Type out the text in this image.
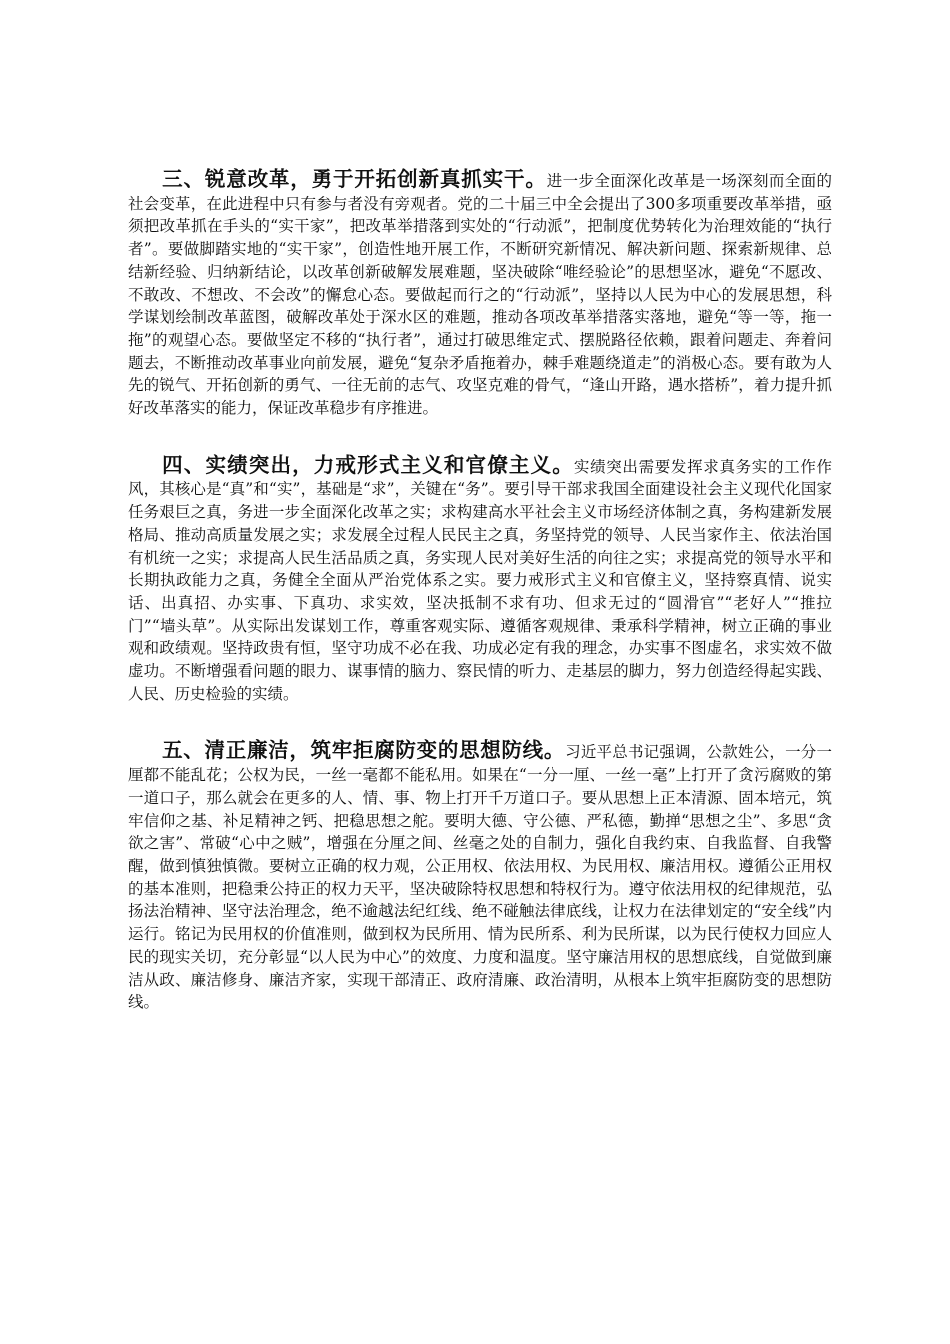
三、锐意改革，勇于开拓创新真抓实干。进一步全面深化改革是一场深刻而全面的社会变革，在此进程中只有参与者没有旁观者。党的二十届三中全会提出了300多项重要改革举措，亟须把改革抓在手头的“实干家”，把改革举措落到实处的“行动派”，把制度优势转化为治理效能的“执行者”。要做脚踏实地的“实干家”，创造性地开展工作，不断研究新情况、解决新问题、探索新规律、总结新经验、归纳新结论，以改革创新破解发展难题，坚决破除“唯经验论”的思想坚冰，避免“不愿改、不敢改、不想改、不会改”的懈怠心态。要做起而行之的“行动派”，坚持以人民为中心的发展思想，科学谋划绘制改革蓝图，破解改革处于深水区的难题，推动各项改革举措落实落地，避免“等一等，拖一拖”的观望心态。要做坚定不移的“执行者”，通过打破思维定式、摆脱路径依赖，跟着问题走、奔着问题去，不断推动改革事业向前发展，避免“复杂矛盾拖着办，棘手难题绕道走”的消极心态。要有敢为人先的锐气、开拓创新的勇气、一往无前的志气、攻坚克难的骨气，“逢山开路，遇水搭桥”，着力提升抓好改革落实的能力，保证改革稳步有序推进。

四、实绩突出，力戒形式主义和官僚主义。实绩突出需要发挥求真务实的工作作风，其核心是“真”和“实”，基础是“求”，关键在“务”。要引导干部求我国全面建设社会主义现代化国家任务艰巨之真，务进一步全面深化改革之实；求构建高水平社会主义市场经济体制之真，务构建新发展格局、推动高质量发展之实；求发展全过程人民民主之真，务坚持党的领导、人民当家作主、依法治国有机统一之实；求提高人民生活品质之真，务实现人民对美好生活的向往之实；求提高党的领导水平和长期执政能力之真，务健全全面从严治党体系之实。要力戒形式主义和官僚主义，坚持察真情、说实话、出真招、办实事、下真功、求实效，坚决抵制不求有功、但求无过的“圆滑官”“老好人”“推拉门”“墙头草”。从实际出发谋划工作，尊重客观实际、遵循客观规律、秉承科学精神，树立正确的事业观和政绩观。坚持政贵有恒，坚守功成不必在我、功成必定有我的理念，办实事不图虚名，求实效不做虚功。不断增强看问题的眼力、谋事情的脑力、察民情的听力、走基层的脚力，努力创造经得起实践、人民、历史检验的实绩。

五、清正廉洁，筑牢拒腐防变的思想防线。习近平总书记强调，公款姓公，一分一厘都不能乱花；公权为民，一丝一毫都不能私用。如果在“一分一厘、一丝一毫”上打开了贪污腐败的第一道口子，那么就会在更多的人、情、事、物上打开千万道口子。要从思想上正本清源、固本培元，筑牢信仰之基、补足精神之钙、把稳思想之舵。要明大德、守公德、严私德，勤掸“思想之尘”、多思“贪欲之害”、常破“心中之贼”，增强在分厘之间、丝毫之处的自制力，强化自我约束、自我监督、自我警醒，做到慎独慎微。要树立正确的权力观，公正用权、依法用权、为民用权、廉洁用权。遵循公正用权的基本准则，把稳秉公持正的权力天平，坚决破除特权思想和特权行为。遵守依法用权的纪律规范，弘扬法治精神、坚守法治理念，绝不逾越法纪红线、绝不碰触法律底线，让权力在法律划定的“安全线”内运行。铭记为民用权的价值准则，做到权为民所用、情为民所系、利为民所谋，以为民行使权力回应人民的现实关切，充分彰显“以人民为中心”的效度、力度和温度。坚守廉洁用权的思想底线，自觉做到廉洁从政、廉洁修身、廉洁齐家，实现干部清正、政府清廉、政治清明，从根本上筑牢拒腐防变的思想防线。
